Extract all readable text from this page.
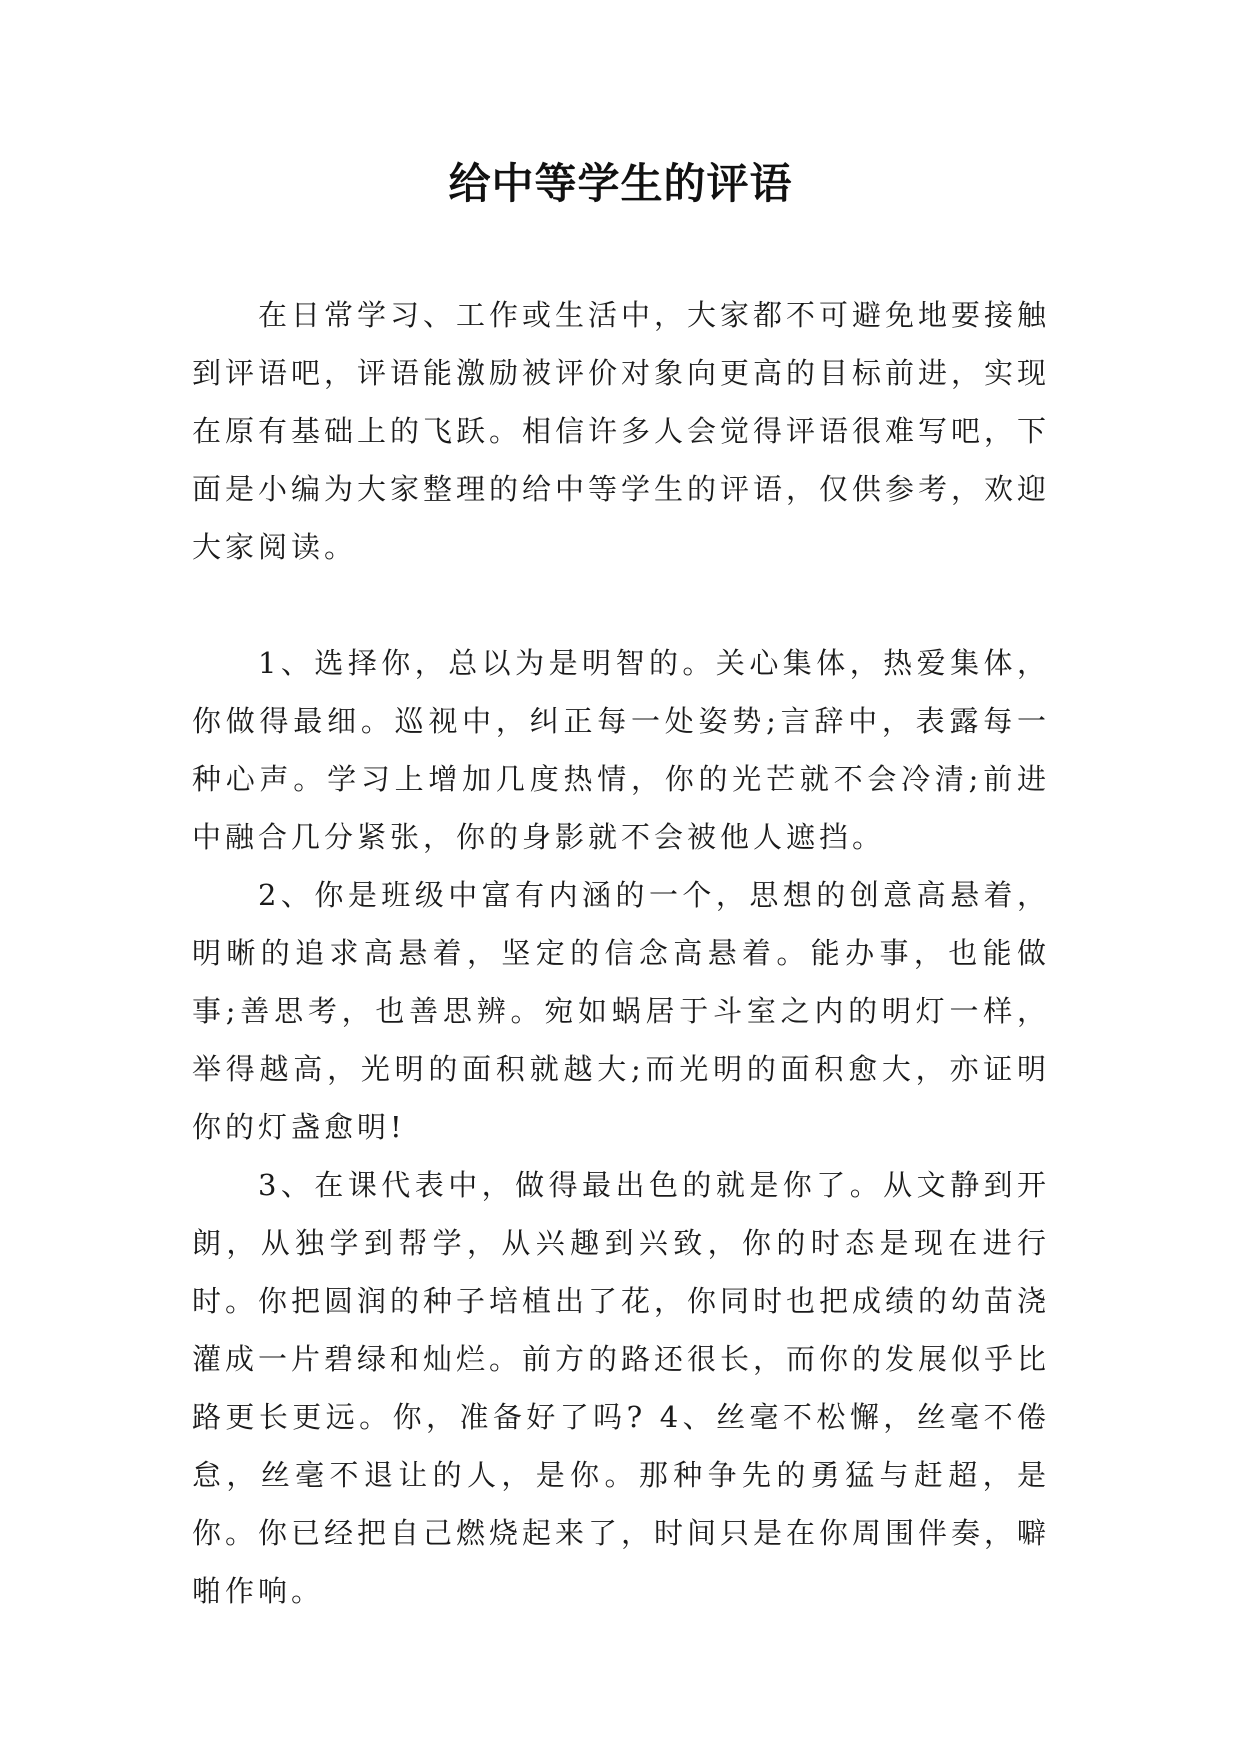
给中等学生的评语

在日常学习、工作或生活中，大家都不可避免地要接触到评语吧，评语能激励被评价对象向更高的目标前进，实现在原有基础上的飞跃。相信许多人会觉得评语很难写吧，下面是小编为大家整理的给中等学生的评语，仅供参考，欢迎大家阅读。

1、选择你，总以为是明智的。关心集体，热爱集体，你做得最细。巡视中，纠正每一处姿势;言辞中，表露每一种心声。学习上增加几度热情，你的光芒就不会冷清;前进中融合几分紧张，你的身影就不会被他人遮挡。

2、你是班级中富有内涵的一个，思想的创意高悬着，明晰的追求高悬着，坚定的信念高悬着。能办事，也能做事;善思考，也善思辨。宛如蜗居于斗室之内的明灯一样，举得越高，光明的面积就越大;而光明的面积愈大，亦证明你的灯盏愈明!

3、在课代表中，做得最出色的就是你了。从文静到开朗，从独学到帮学，从兴趣到兴致，你的时态是现在进行时。你把圆润的种子培植出了花，你同时也把成绩的幼苗浇灌成一片碧绿和灿烂。前方的路还很长，而你的发展似乎比路更长更远。你，准备好了吗? 4、丝毫不松懈，丝毫不倦怠，丝毫不退让的人，是你。那种争先的勇猛与赶超，是你。你已经把自己燃烧起来了，时间只是在你周围伴奏，噼啪作响。
